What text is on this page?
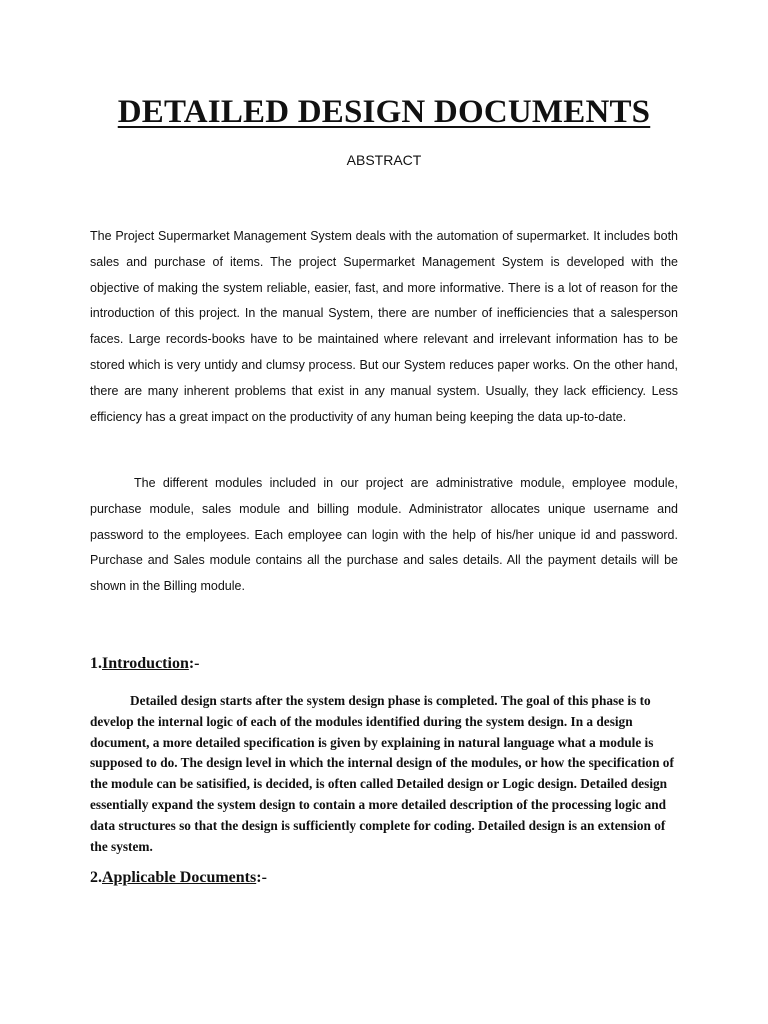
DETAILED DESIGN DOCUMENTS

ABSTRACT

The Project Supermarket Management System deals with the automation of supermarket. It includes both sales and purchase of items. The project Supermarket Management System is developed with the objective of making the system reliable, easier, fast, and more informative. There is a lot of reason for the introduction of this project. In the manual System, there are number of inefficiencies that a salesperson faces. Large records-books have to be maintained where relevant and irrelevant information has to be stored which is very untidy and clumsy process. But our System reduces paper works. On the other hand, there are many inherent problems that exist in any manual system. Usually, they lack efficiency. Less efficiency has a great impact on the productivity of any human being keeping the data up-to-date.

The different modules included in our project are administrative module, employee module, purchase module, sales module and billing module. Administrator allocates unique username and password to the employees. Each employee can login with the help of his/her unique id and password. Purchase and Sales module contains all the purchase and sales details. All the payment details will be shown in the Billing module.

1.Introduction:-

Detailed design starts after the system design phase is completed. The goal of this phase is to develop the internal logic of each of the modules identified during the system design. In a design document, a more detailed specification is given by explaining in natural language what a module is supposed to do. The design level in which the internal design of the modules, or how the specification of the module can be satisified, is decided, is often called Detailed design or Logic design. Detailed design essentially expand the system design to contain a more detailed description of the processing logic and data structures so that the design is sufficiently complete for coding. Detailed design is an extension of the system.

2.Applicable Documents:-
